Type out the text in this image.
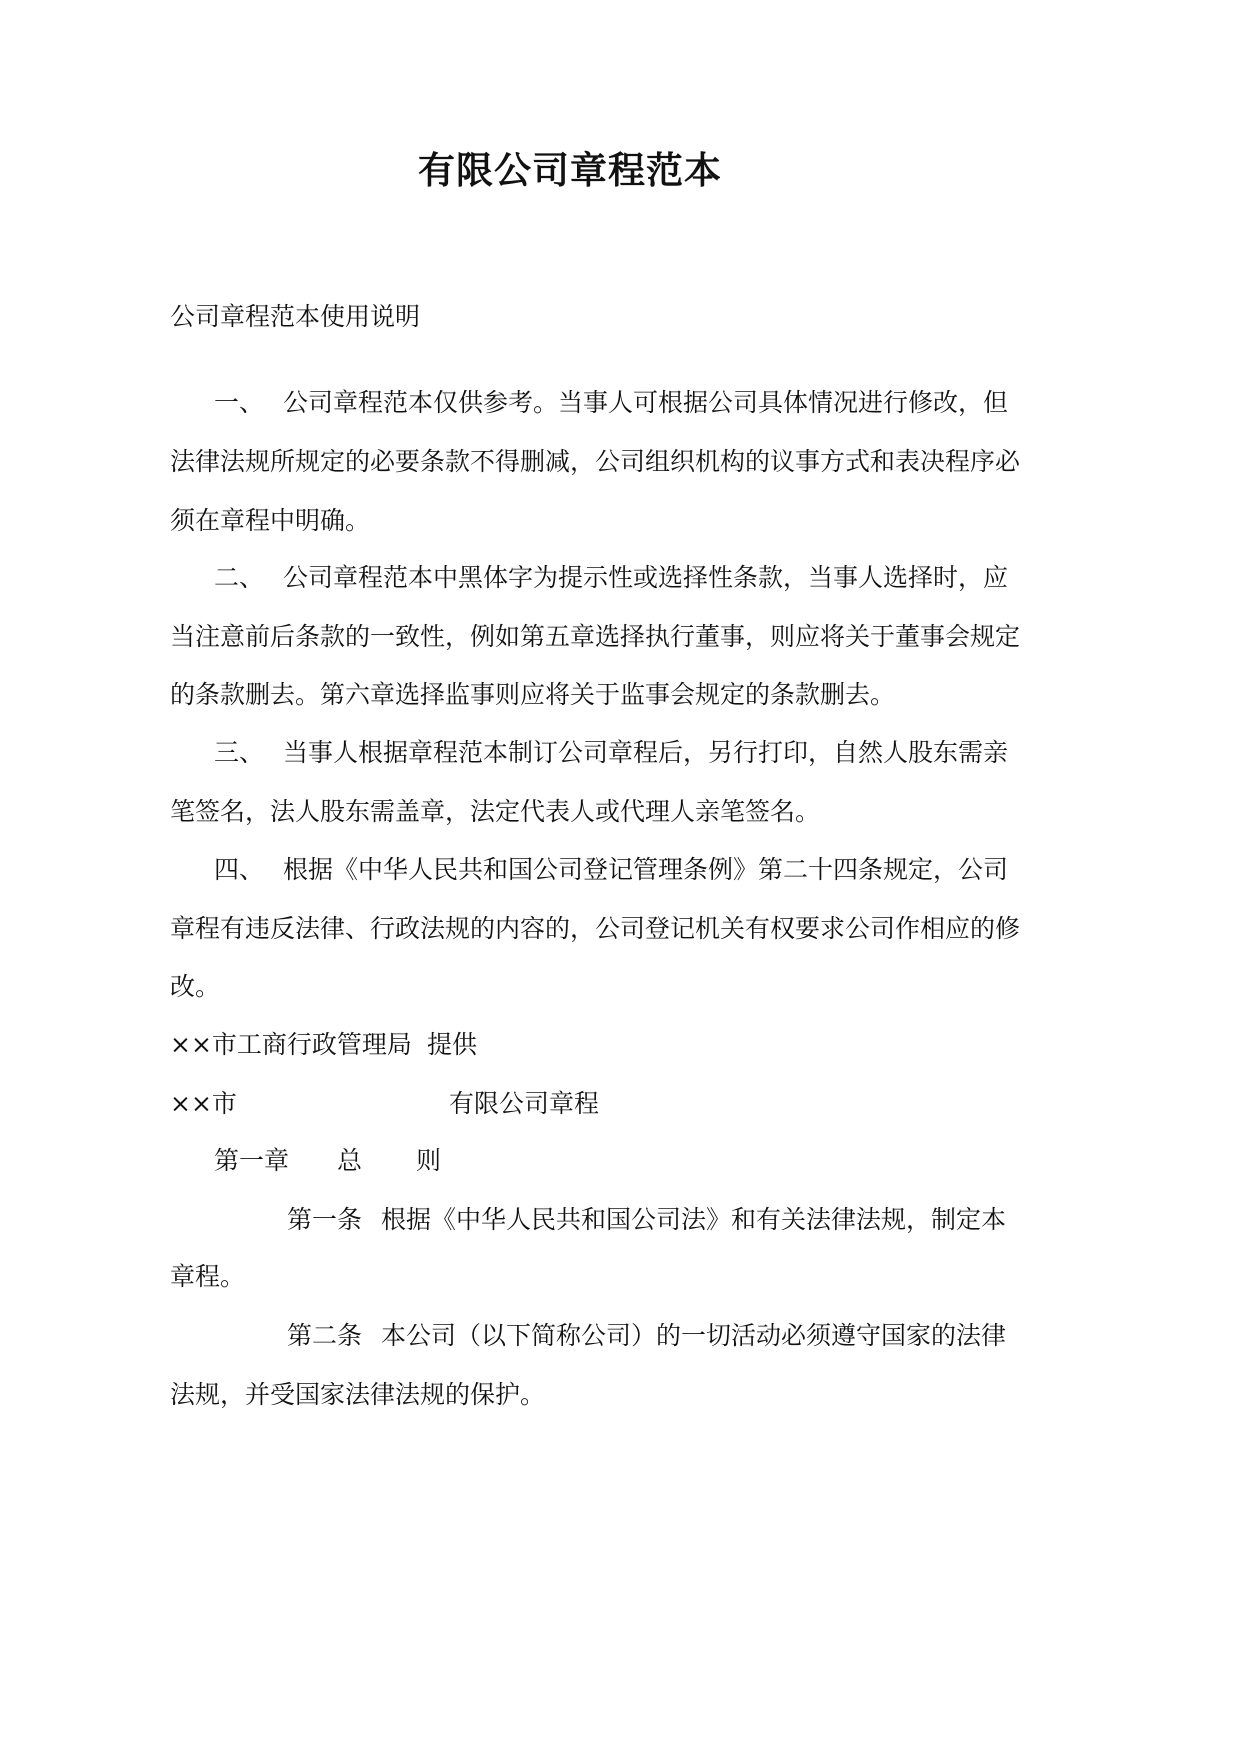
有限公司章程范本
公司章程范本使用说明
一、 公司章程范本仅供参考。当事人可根据公司具体情况进行修改，但
法律法规所规定的必要条款不得删减，公司组织机构的议事方式和表决程序必
须在章程中明确。
二、 公司章程范本中黑体字为提示性或选择性条款，当事人选择时，应
当注意前后条款的一致性，例如第五章选择执行董事，则应将关于董事会规定
的条款删去。第六章选择监事则应将关于监事会规定的条款删去。
三、 当事人根据章程范本制订公司章程后，另行打印，自然人股东需亲
笔签名，法人股东需盖章，法定代表人或代理人亲笔签名。
四、 根据《中华人民共和国公司登记管理条例》第二十四条规定，公司
章程有违反法律、行政法规的内容的，公司登记机关有权要求公司作相应的修
改。
××市工商行政管理局 提供
××市	有限公司章程
第一章 总 则
第一条 根据《中华人民共和国公司法》和有关法律法规，制定本
章程。
第二条 本公司（以下简称公司）的一切活动必须遵守国家的法律
法规，并受国家法律法规的保护。
